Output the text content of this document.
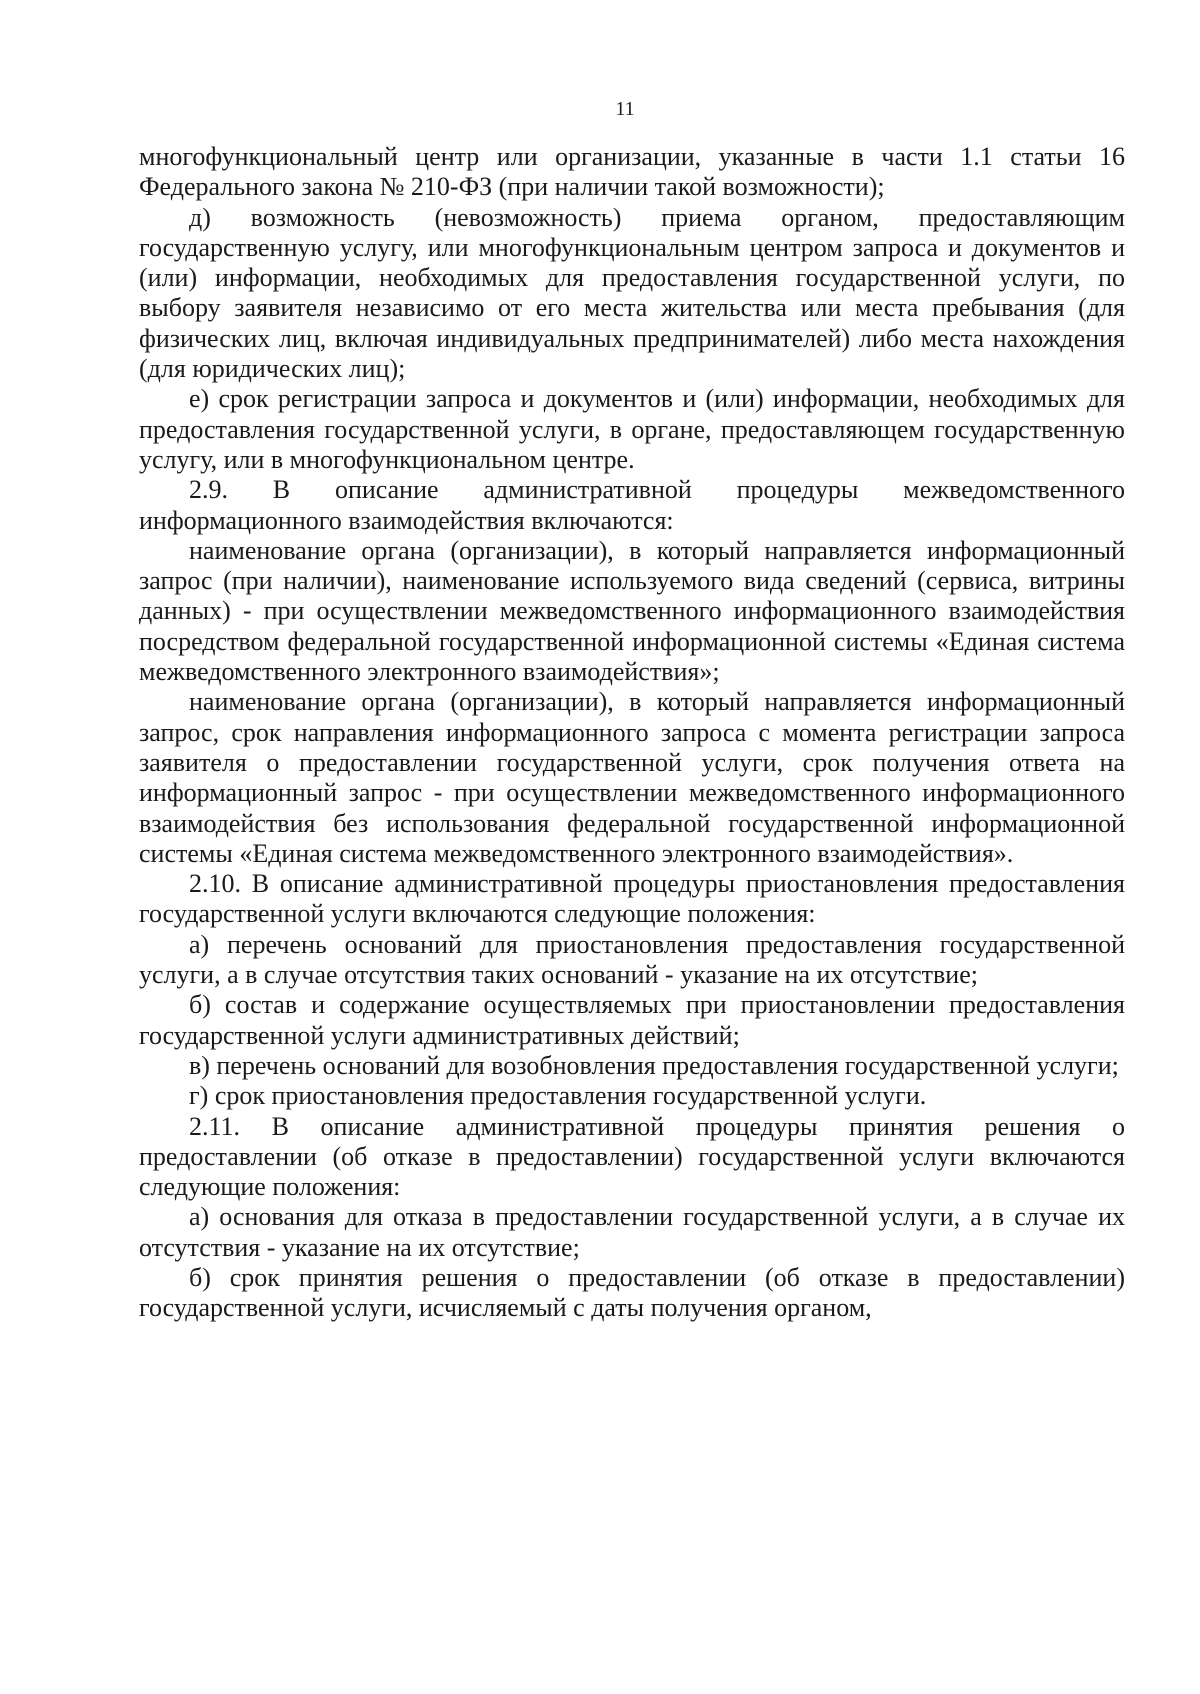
11

многофункциональный центр или организации, указанные в части 1.1 статьи 16 Федерального закона № 210-ФЗ (при наличии такой возможности);

д) возможность (невозможность) приема органом, предоставляющим государственную услугу, или многофункциональным центром запроса и документов и (или) информации, необходимых для предоставления государственной услуги, по выбору заявителя независимо от его места жительства или места пребывания (для физических лиц, включая индивидуальных предпринимателей) либо места нахождения (для юридических лиц);

е) срок регистрации запроса и документов и (или) информации, необходимых для предоставления государственной услуги, в органе, предоставляющем государственную услугу, или в многофункциональном центре.

2.9. В описание административной процедуры межведомственного информационного взаимодействия включаются:

наименование органа (организации), в который направляется информационный запрос (при наличии), наименование используемого вида сведений (сервиса, витрины данных) - при осуществлении межведомственного информационного взаимодействия посредством федеральной государственной информационной системы «Единая система межведомственного электронного взаимодействия»;

наименование органа (организации), в который направляется информационный запрос, срок направления информационного запроса с момента регистрации запроса заявителя о предоставлении государственной услуги, срок получения ответа на информационный запрос - при осуществлении межведомственного информационного взаимодействия без использования федеральной государственной информационной системы «Единая система межведомственного электронного взаимодействия».

2.10. В описание административной процедуры приостановления предоставления государственной услуги включаются следующие положения:

а) перечень оснований для приостановления предоставления государственной услуги, а в случае отсутствия таких оснований - указание на их отсутствие;

б) состав и содержание осуществляемых при приостановлении предоставления государственной услуги административных действий;

в) перечень оснований для возобновления предоставления государственной услуги;

г) срок приостановления предоставления государственной услуги.

2.11. В описание административной процедуры принятия решения о предоставлении (об отказе в предоставлении) государственной услуги включаются следующие положения:

а) основания для отказа в предоставлении государственной услуги, а в случае их отсутствия - указание на их отсутствие;

б) срок принятия решения о предоставлении (об отказе в предоставлении) государственной услуги, исчисляемый с даты получения органом,
